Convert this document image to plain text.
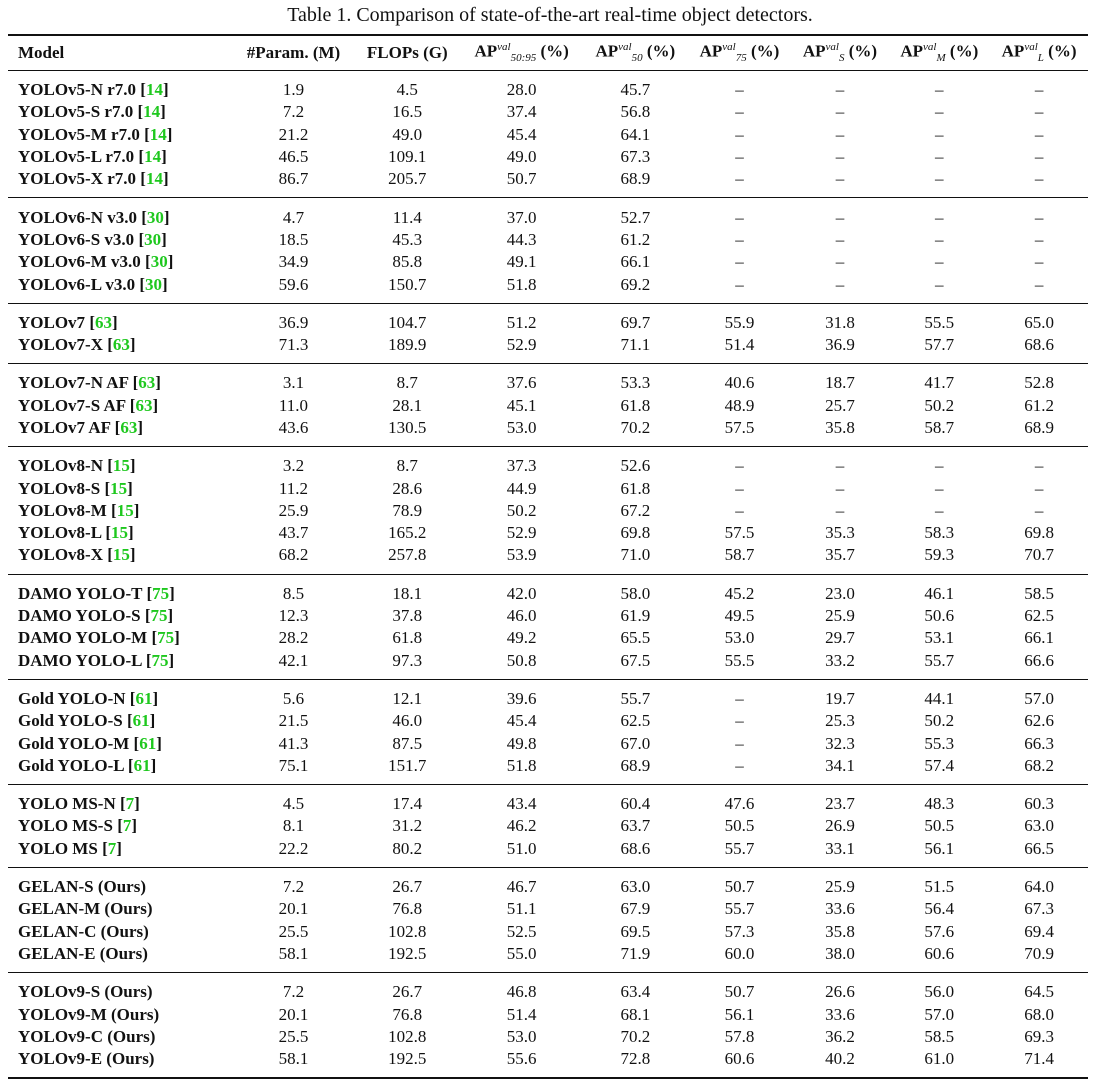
Table 1. Comparison of state-of-the-art real-time object detectors.
Model	#Param. (M)	FLOPs (G)	$AP^{val}_{50:95}$ (%)	$AP^{val}_{50}$ (%)	$AP^{val}_{75}$ (%)	$AP^{val}_S$ (%)	$AP^{val}_M$ (%)	$AP^{val}_L$ (%)
YOLOv5-N r7.0 [14]	1.9	4.5	28.0	45.7	–	–	–	–
YOLOv5-S r7.0 [14]	7.2	16.5	37.4	56.8	–	–	–	–
YOLOv5-M r7.0 [14]	21.2	49.0	45.4	64.1	–	–	–	–
YOLOv5-L r7.0 [14]	46.5	109.1	49.0	67.3	–	–	–	–
YOLOv5-X r7.0 [14]	86.7	205.7	50.7	68.9	–	–	–	–
YOLOv6-N v3.0 [30]	4.7	11.4	37.0	52.7	–	–	–	–
YOLOv6-S v3.0 [30]	18.5	45.3	44.3	61.2	–	–	–	–
YOLOv6-M v3.0 [30]	34.9	85.8	49.1	66.1	–	–	–	–
YOLOv6-L v3.0 [30]	59.6	150.7	51.8	69.2	–	–	–	–
YOLOv7 [63]	36.9	104.7	51.2	69.7	55.9	31.8	55.5	65.0
YOLOv7-X [63]	71.3	189.9	52.9	71.1	51.4	36.9	57.7	68.6
YOLOv7-N AF [63]	3.1	8.7	37.6	53.3	40.6	18.7	41.7	52.8
YOLOv7-S AF [63]	11.0	28.1	45.1	61.8	48.9	25.7	50.2	61.2
YOLOv7 AF [63]	43.6	130.5	53.0	70.2	57.5	35.8	58.7	68.9
YOLOv8-N [15]	3.2	8.7	37.3	52.6	–	–	–	–
YOLOv8-S [15]	11.2	28.6	44.9	61.8	–	–	–	–
YOLOv8-M [15]	25.9	78.9	50.2	67.2	–	–	–	–
YOLOv8-L [15]	43.7	165.2	52.9	69.8	57.5	35.3	58.3	69.8
YOLOv8-X [15]	68.2	257.8	53.9	71.0	58.7	35.7	59.3	70.7
DAMO YOLO-T [75]	8.5	18.1	42.0	58.0	45.2	23.0	46.1	58.5
DAMO YOLO-S [75]	12.3	37.8	46.0	61.9	49.5	25.9	50.6	62.5
DAMO YOLO-M [75]	28.2	61.8	49.2	65.5	53.0	29.7	53.1	66.1
DAMO YOLO-L [75]	42.1	97.3	50.8	67.5	55.5	33.2	55.7	66.6
Gold YOLO-N [61]	5.6	12.1	39.6	55.7	–	19.7	44.1	57.0
Gold YOLO-S [61]	21.5	46.0	45.4	62.5	–	25.3	50.2	62.6
Gold YOLO-M [61]	41.3	87.5	49.8	67.0	–	32.3	55.3	66.3
Gold YOLO-L [61]	75.1	151.7	51.8	68.9	–	34.1	57.4	68.2
YOLO MS-N [7]	4.5	17.4	43.4	60.4	47.6	23.7	48.3	60.3
YOLO MS-S [7]	8.1	31.2	46.2	63.7	50.5	26.9	50.5	63.0
YOLO MS [7]	22.2	80.2	51.0	68.6	55.7	33.1	56.1	66.5
GELAN-S (Ours)	7.2	26.7	46.7	63.0	50.7	25.9	51.5	64.0
GELAN-M (Ours)	20.1	76.8	51.1	67.9	55.7	33.6	56.4	67.3
GELAN-C (Ours)	25.5	102.8	52.5	69.5	57.3	35.8	57.6	69.4
GELAN-E (Ours)	58.1	192.5	55.0	71.9	60.0	38.0	60.6	70.9
YOLOv9-S (Ours)	7.2	26.7	46.8	63.4	50.7	26.6	56.0	64.5
YOLOv9-M (Ours)	20.1	76.8	51.4	68.1	56.1	33.6	57.0	68.0
YOLOv9-C (Ours)	25.5	102.8	53.0	70.2	57.8	36.2	58.5	69.3
YOLOv9-E (Ours)	58.1	192.5	55.6	72.8	60.6	40.2	61.0	71.4
